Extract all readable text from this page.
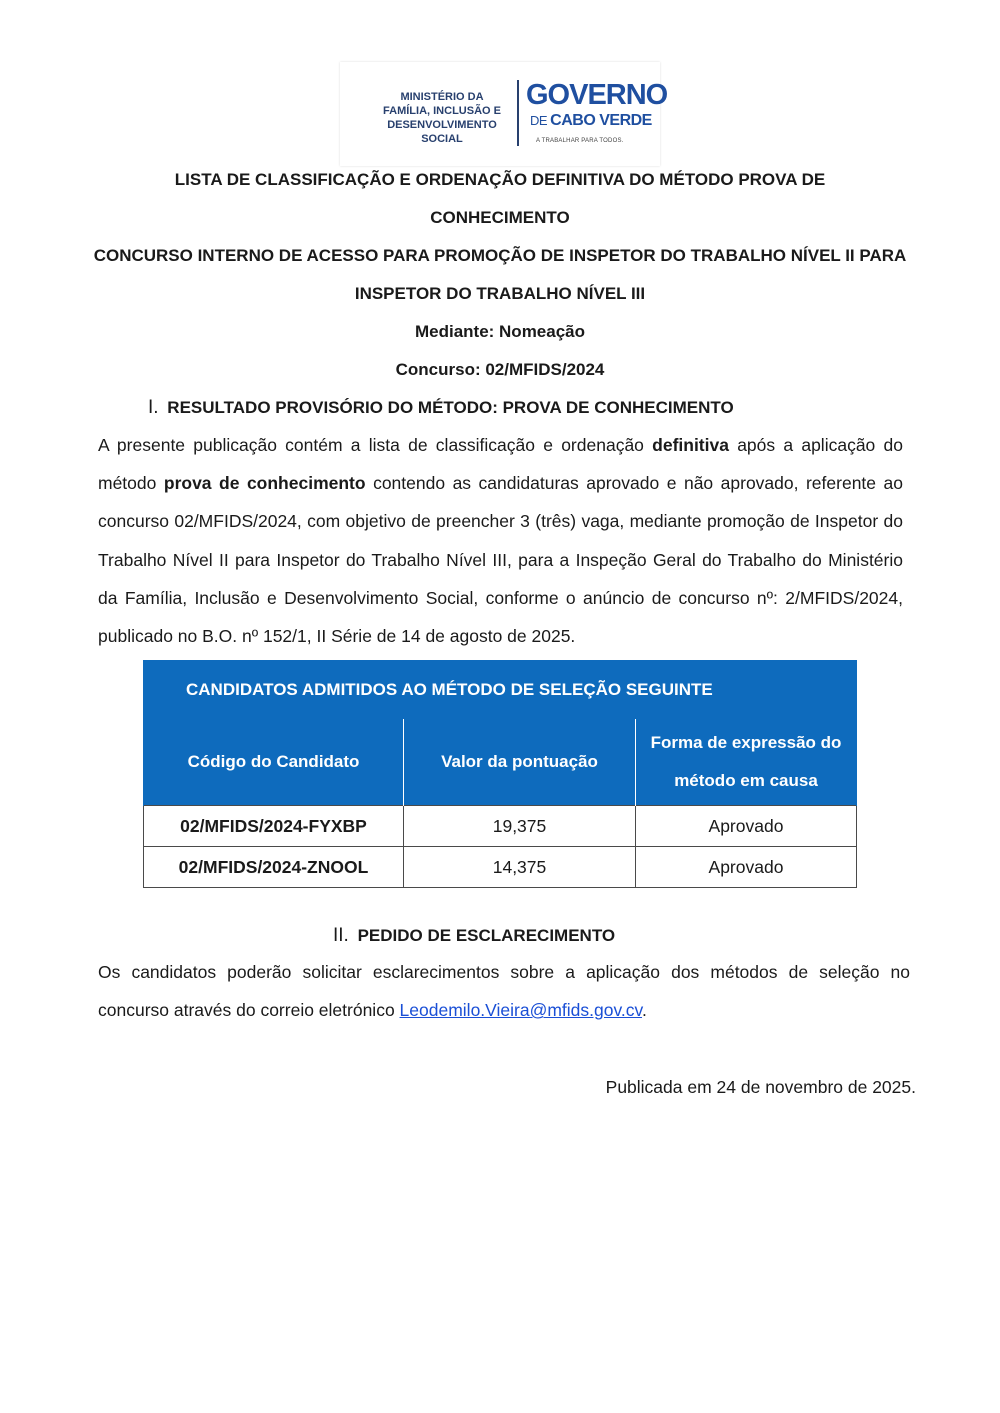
MINISTÉRIO DA
FAMÍLIA, INCLUSÃO E
DESENVOLVIMENTO SOCIAL
GOVERNO
DE CABO VERDE
A TRABALHAR PARA TODOS.
LISTA DE CLASSIFICAÇÃO E ORDENAÇÃO DEFINITIVA DO MÉTODO PROVA DE
CONHECIMENTO
CONCURSO INTERNO DE ACESSO PARA PROMOÇÃO DE INSPETOR DO TRABALHO NÍVEL II PARA
INSPETOR DO TRABALHO NÍVEL III
Mediante: Nomeação
Concurso: 02/MFIDS/2024
I. RESULTADO PROVISÓRIO DO MÉTODO: PROVA DE CONHECIMENTO

A presente publicação contém a lista de classificação e ordenação definitiva após a aplicação do método prova de conhecimento contendo as candidaturas aprovado e não aprovado, referente ao concurso 02/MFIDS/2024, com objetivo de preencher 3 (três) vaga, mediante promoção de Inspetor do Trabalho Nível II para Inspetor do Trabalho Nível III, para a Inspeção Geral do Trabalho do Ministério da Família, Inclusão e Desenvolvimento Social, conforme o anúncio de concurso nº: 2/MFIDS/2024, publicado no B.O. nº 152/1, II Série de 14 de agosto de 2025.

CANDIDATOS ADMITIDOS AO MÉTODO DE SELEÇÃO SEGUINTE		
Código do Candidato	Valor da pontuação	Forma de expressão do
método em causa
02/MFIDS/2024-FYXBP	19,375	Aprovado
02/MFIDS/2024-ZNOOL	14,375	Aprovado
II. PEDIDO DE ESCLARECIMENTO

Os candidatos poderão solicitar esclarecimentos sobre a aplicação dos métodos de seleção no concurso através do correio eletrónico Leodemilo.Vieira@mfids.gov.cv.

Publicada em 24 de novembro de 2025.
